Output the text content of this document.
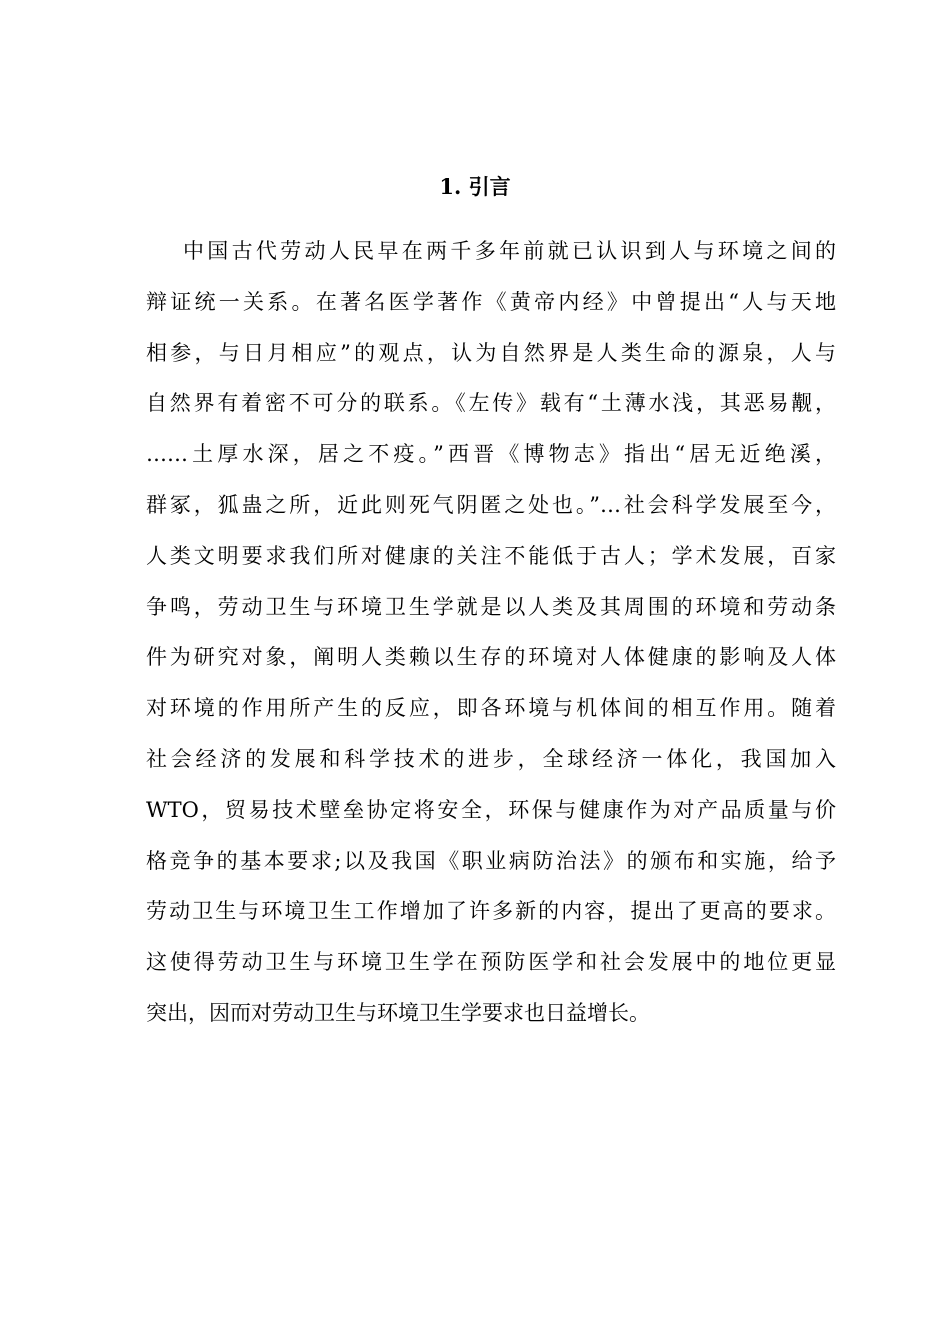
1. 引言
中国古代劳动人民早在两千多年前就已认识到人与环境之间的
辩证统一关系。在著名医学著作《黄帝内经》中曾提出“人与天地
相参，与日月相应”的观点，认为自然界是人类生命的源泉，人与
自然界有着密不可分的联系。《左传》载有“土薄水浅，其恶易觏，
……土厚水深，居之不疫。”西晋《博物志》指出“居无近绝溪，
群冢，狐蛊之所，近此则死气阴匿之处也。”…社会科学发展至今，
人类文明要求我们所对健康的关注不能低于古人；学术发展，百家
争鸣，劳动卫生与环境卫生学就是以人类及其周围的环境和劳动条
件为研究对象，阐明人类赖以生存的环境对人体健康的影响及人体
对环境的作用所产生的反应，即各环境与机体间的相互作用。随着
社会经济的发展和科学技术的进步，全球经济一体化，我国加入
WTO，贸易技术壁垒协定将安全，环保与健康作为对产品质量与价
格竞争的基本要求;以及我国《职业病防治法》的颁布和实施，给予
劳动卫生与环境卫生工作增加了许多新的内容，提出了更高的要求。
这使得劳动卫生与环境卫生学在预防医学和社会发展中的地位更显
突出，因而对劳动卫生与环境卫生学要求也日益增长。
